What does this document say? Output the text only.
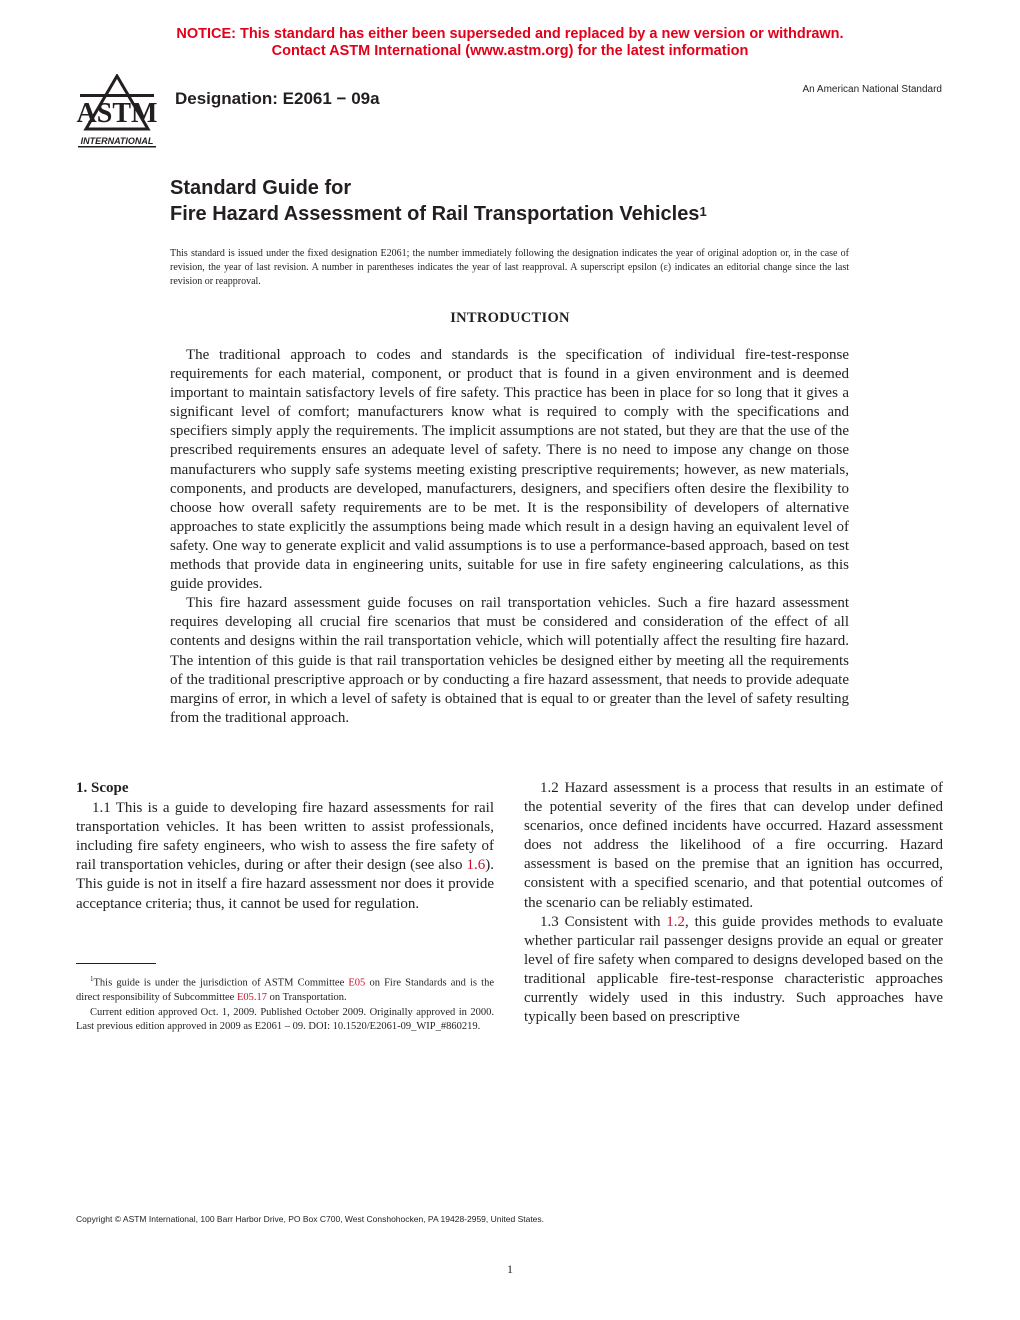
NOTICE: This standard has either been superseded and replaced by a new version or withdrawn.
Contact ASTM International (www.astm.org) for the latest information
ASTM
INTERNATIONAL
Designation: E2061 − 09a	An American National Standard
Standard Guide for
Fire Hazard Assessment of Rail Transportation Vehicles$^1$
This standard is issued under the fixed designation E2061; the number immediately following the designation indicates the year of original adoption or, in the case of revision, the year of last revision. A number in parentheses indicates the year of last reapproval. A superscript epsilon (ε) indicates an editorial change since the last revision or reapproval.
INTRODUCTION

The traditional approach to codes and standards is the specification of individual fire-test-response requirements for each material, component, or product that is found in a given environment and is deemed important to maintain satisfactory levels of fire safety. This practice has been in place for so long that it gives a significant level of comfort; manufacturers know what is required to comply with the specifications and specifiers simply apply the requirements. The implicit assumptions are not stated, but they are that the use of the prescribed requirements ensures an adequate level of safety. There is no need to impose any change on those manufacturers who supply safe systems meeting existing prescriptive requirements; however, as new materials, components, and products are developed, manufacturers, designers, and specifiers often desire the flexibility to choose how overall safety requirements are to be met. It is the responsibility of developers of alternative approaches to state explicitly the assumptions being made which result in a design having an equivalent level of safety. One way to generate explicit and valid assumptions is to use a performance-based approach, based on test methods that provide data in engineering units, suitable for use in fire safety engineering calculations, as this guide provides.

This fire hazard assessment guide focuses on rail transportation vehicles. Such a fire hazard assessment requires developing all crucial fire scenarios that must be considered and consideration of the effect of all contents and designs within the rail transportation vehicle, which will potentially affect the resulting fire hazard. The intention of this guide is that rail transportation vehicles be designed either by meeting all the requirements of the traditional prescriptive approach or by conducting a fire hazard assessment, that needs to provide adequate margins of error, in which a level of safety is obtained that is equal to or greater than the level of safety resulting from the traditional approach.

1. Scope

1.1 This is a guide to developing fire hazard assessments for rail transportation vehicles. It has been written to assist professionals, including fire safety engineers, who wish to assess the fire safety of rail transportation vehicles, during or after their design (see also 1.6). This guide is not in itself a fire hazard assessment nor does it provide acceptance criteria; thus, it cannot be used for regulation.

1.2 Hazard assessment is a process that results in an estimate of the potential severity of the fires that can develop under defined scenarios, once defined incidents have occurred. Hazard assessment does not address the likelihood of a fire occurring. Hazard assessment is based on the premise that an ignition has occurred, consistent with a specified scenario, and that potential outcomes of the scenario can be reliably estimated.

1.3 Consistent with 1.2, this guide provides methods to evaluate whether particular rail passenger designs provide an equal or greater level of fire safety when compared to designs developed based on the traditional applicable fire-test-response characteristic approaches currently widely used in this industry. Such approaches have typically been based on prescriptive

$^1$This guide is under the jurisdiction of ASTM Committee E05 on Fire Standards and is the direct responsibility of Subcommittee E05.17 on Transportation.

Current edition approved Oct. 1, 2009. Published October 2009. Originally approved in 2000. Last previous edition approved in 2009 as E2061 – 09. DOI: 10.1520/E2061-09_WIP_#860219.

Copyright © ASTM International, 100 Barr Harbor Drive, PO Box C700, West Conshohocken, PA 19428-2959, United States.
1
